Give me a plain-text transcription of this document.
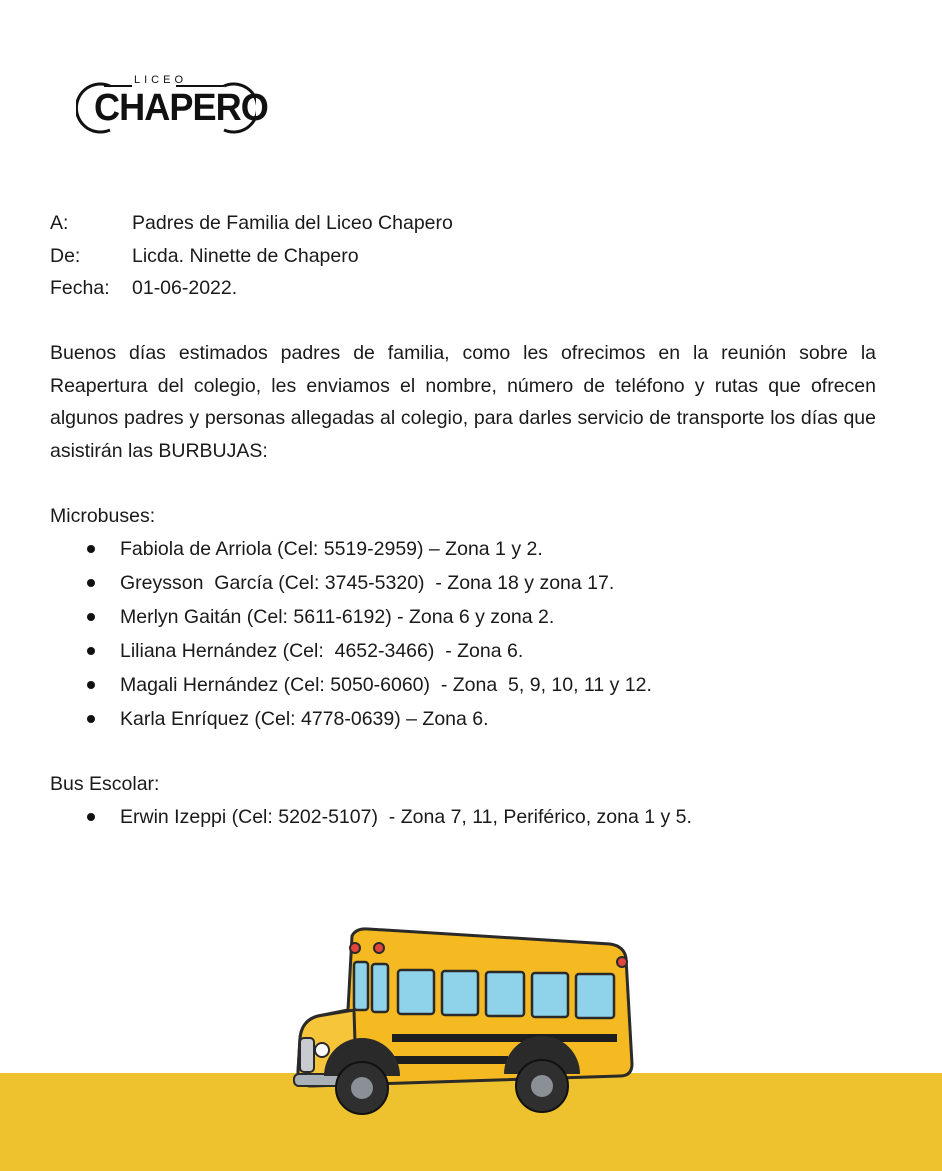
LICEO
CHAPERO
A:	Padres de Familia del Liceo Chapero
De:	Licda. Ninette de Chapero
Fecha:	01-06-2022.
Buenos días estimados padres de familia, como les ofrecimos en la reunión sobre la Reapertura del colegio, les enviamos el nombre, número de teléfono y rutas que ofrecen algunos padres y personas allegadas al colegio, para darles servicio de transporte los días que asistirán las BURBUJAS:
Microbuses:
Fabiola de Arriola (Cel: 5519-2959) – Zona 1 y 2.
Greysson  García (Cel: 3745-5320)  - Zona 18 y zona 17.
Merlyn Gaitán (Cel: 5611-6192) - Zona 6 y zona 2.
Liliana Hernández (Cel:  4652-3466)  - Zona 6.
Magali Hernández (Cel: 5050-6060)  - Zona  5, 9, 10, 11 y 12.
Karla Enríquez (Cel: 4778-0639) – Zona 6.
Bus Escolar:
Erwin Izeppi (Cel: 5202-5107)  - Zona 7, 11, Periférico, zona 1 y 5.
